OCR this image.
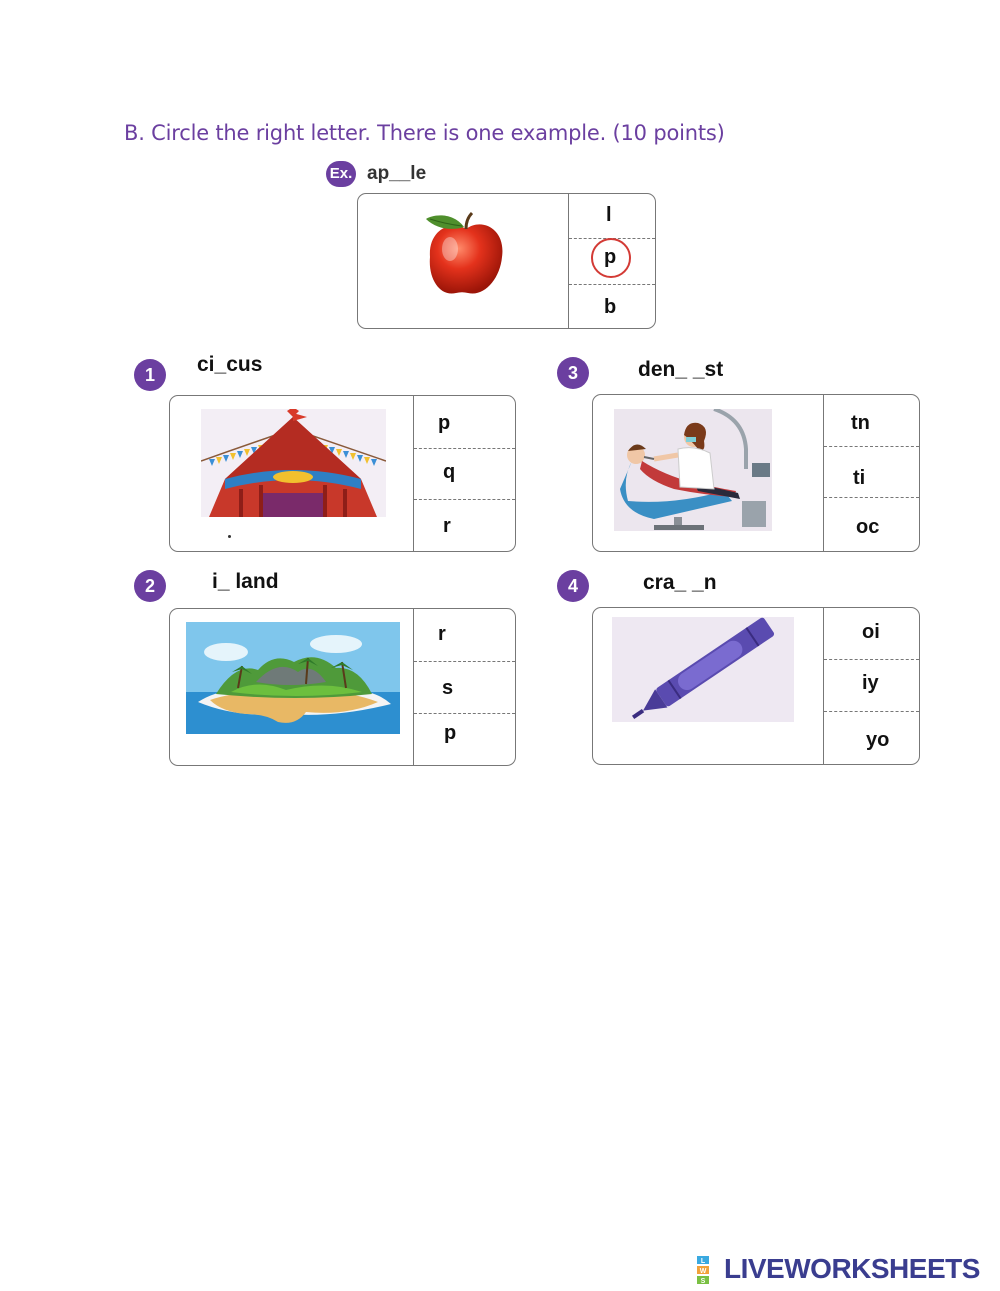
B. Circle the right letter. There is one example. (10 points)
Ex. ap__le
l
p
b
1	ci_cus
p
q
r
2	i_ land
r
s
p
3	den_ _st
tn
ti
oc
4	cra_ _n
oi
iy
yo
L
W
S LIVEWORKSHEETS
